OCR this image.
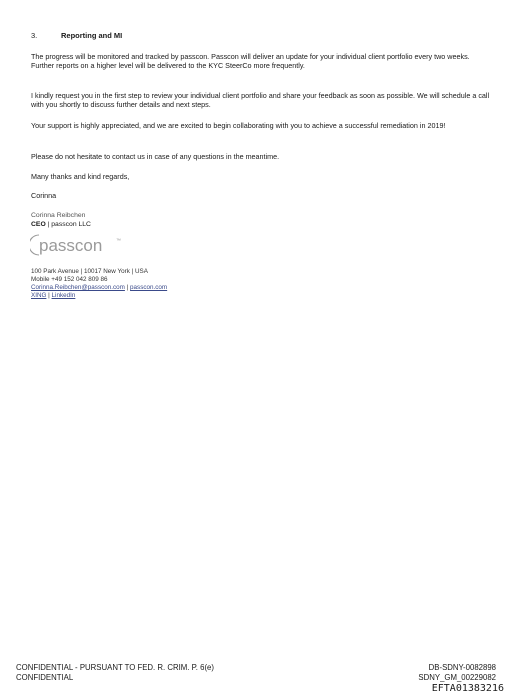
3.	Reporting and MI
The progress will be monitored and tracked by passcon. Passcon will deliver an update for your individual client portfolio every two weeks. Further reports on a higher level will be delivered to the KYC SteerCo more frequently.
I kindly request you in the first step to review your individual client portfolio and share your feedback as soon as possible. We will schedule a call with you shortly to discuss further details and next steps.
Your support is highly appreciated, and we are excited to begin collaborating with you to achieve a successful remediation in 2019!
Please do not hesitate to contact us in case of any questions in the meantime.
Many thanks and kind regards,
Corinna
Corinna Reibchen
CEO | passcon LLC
passcon	™
100 Park Avenue | 10017 New York | USA
Mobile +49 152 042 809 86
Corinna.Reibchen@passcon.com | passcon.com
XING | LinkedIn
CONFIDENTIAL - PURSUANT TO FED. R. CRIM. P. 6(e)
CONFIDENTIAL
DB-SDNY-0082898
SDNY_GM_00229082
EFTA01383216
